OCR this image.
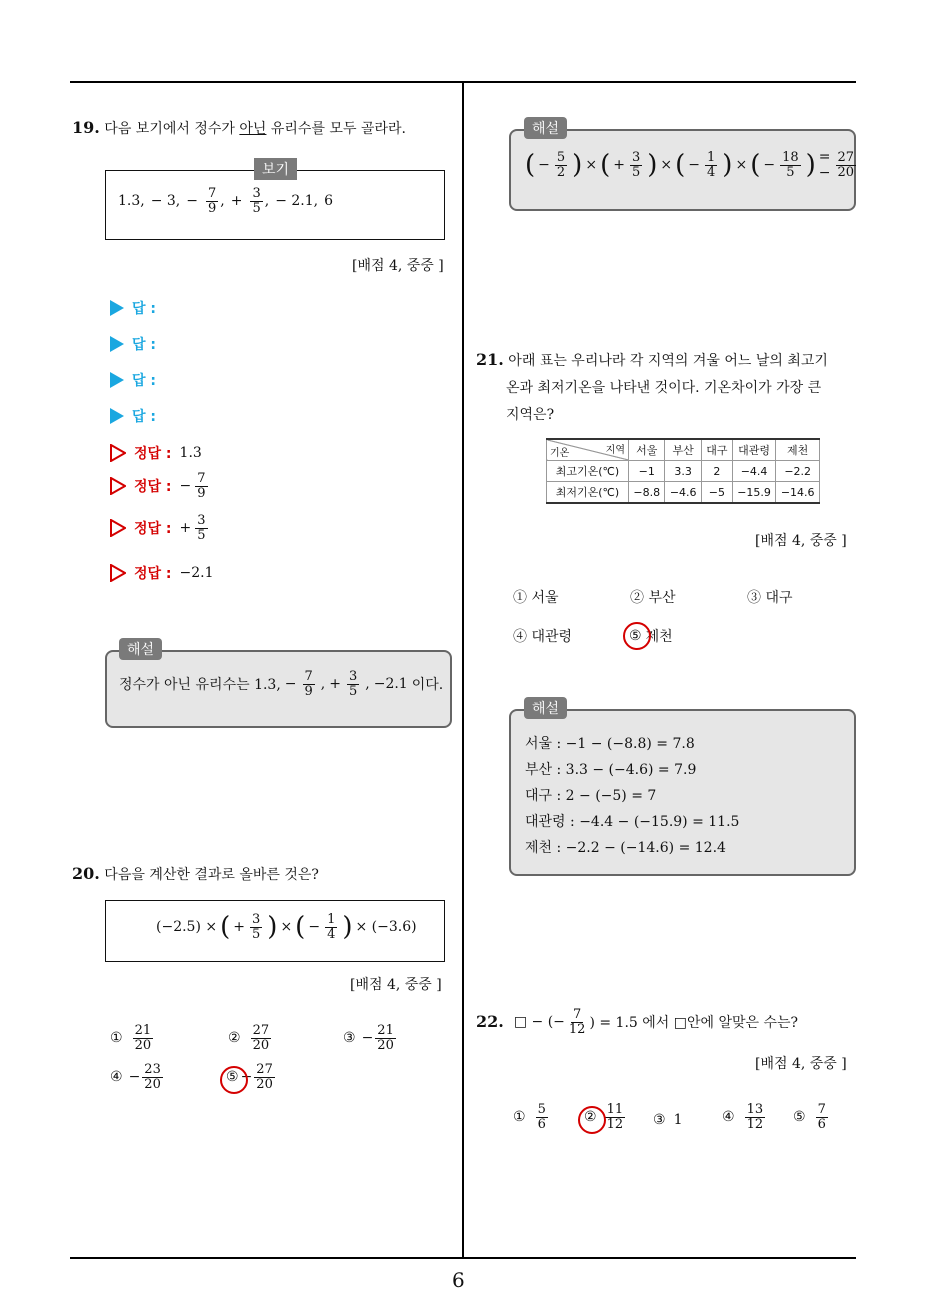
6
19. 다음 보기에서 정수가 아닌 유리수를 모두 골라라.
1.3, − 3, − $\frac{7}{9}$ , + $\frac{3}{5}$ , − 2.1, 6
보기
[배점 4, 중중 ]
답 :
답 :
답 :
답 :
정답 : 1.3
정답 : − $\frac{7}{9}$
정답 : + $\frac{3}{5}$
정답 : −2.1
정수가 아닌 유리수는 1.3, − $\frac{7}{9}$ , + $\frac{3}{5}$ , −2.1 이다.
해설
20. 다음을 계산한 결과로 올바른 것은?
(−2.5) × ( + $\frac{3}{5}$ ) × ( − $\frac{1}{4}$ ) × (−3.6)
[배점 4, 중중 ]
① $\frac{21}{20}$	② $\frac{27}{20}$	③ − $\frac{21}{20}$
④ − $\frac{23}{20}$	⑤ − $\frac{27}{20}$
( − $\frac{5}{2}$ ) × ( + $\frac{3}{5}$ ) × ( − $\frac{1}{4}$ ) × ( − $\frac{18}{5}$ ) = − $\frac{27}{20}$
해설
21. 아래 표는 우리나라 각 지역의 겨울 어느 날의 최고기
온과 최저기온을 나타낸 것이다. 기온차이가 가장 큰
지역은?
지역
기온	서울	부산	대구	대관령	제천
최고기온(℃)	−1	3.3	2	−4.4	−2.2
최저기온(℃)	−8.8	−4.6	−5	−15.9	−14.6
[배점 4, 중중 ]
① 서울	② 부산	③ 대구
④ 대관령	⑤ 제천
서울 : −1 − (−8.8) = 7.8
부산 : 3.3 − (−4.6) = 7.9
대구 : 2 − (−5) = 7
대관령 : −4.4 − (−15.9) = 11.5
제천 : −2.2 − (−14.6) = 12.4
해설
22. □ − (− $\frac{7}{12}$ ) = 1.5 에서 □안에 알맞은 수는?
[배점 4, 중중 ]
① $\frac{5}{6}$	② $\frac{11}{12}$ ③ 1	④ $\frac{13}{12}$ ⑤ $\frac{7}{6}$
